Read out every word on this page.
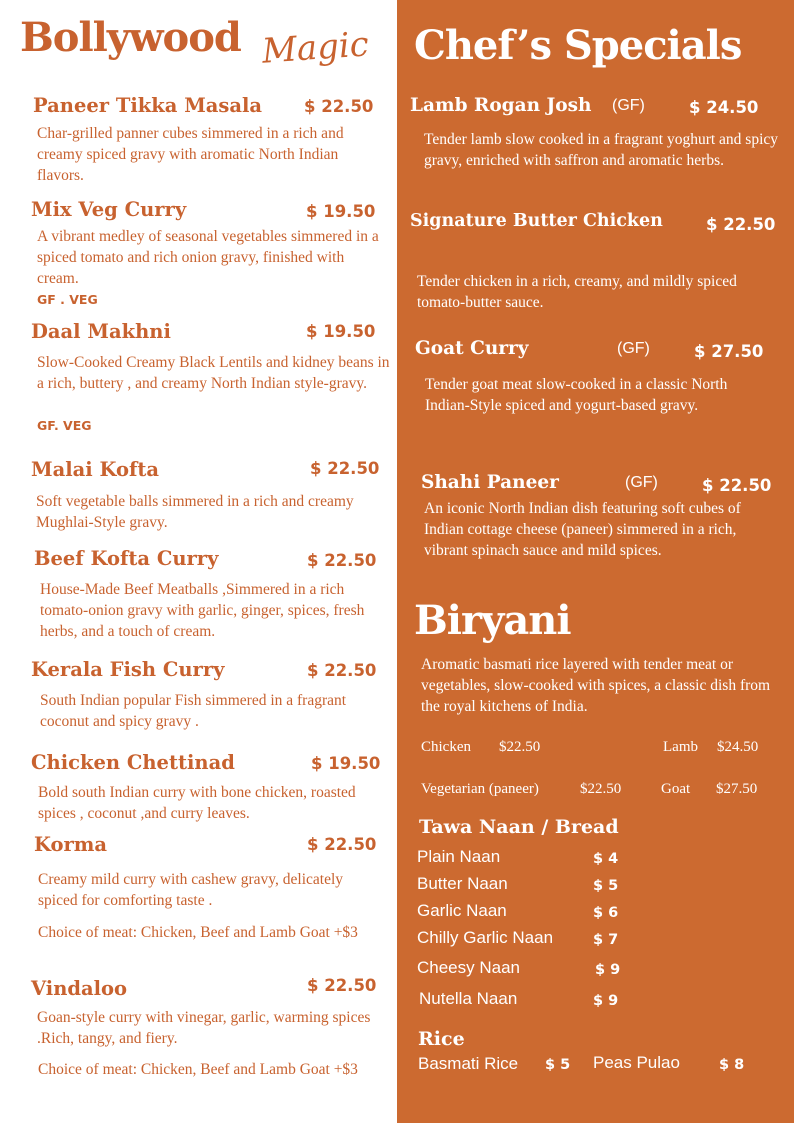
Bollywood Magic
Paneer Tikka Masala	$ 22.50
Char-grilled panner cubes simmered in a rich and creamy spiced gravy with aromatic North Indian flavors.
Mix Veg Curry	$ 19.50
A vibrant medley of seasonal vegetables simmered in a spiced tomato and rich onion gravy, finished with cream.
GF . VEG
Daal Makhni	$ 19.50
Slow-Cooked Creamy Black Lentils and kidney beans in a rich, buttery , and creamy North Indian style-gravy.
GF. VEG
Malai Kofta	$ 22.50
Soft vegetable balls simmered in a rich and creamy Mughlai-Style gravy.
Beef Kofta Curry	$ 22.50
House-Made Beef Meatballs ,Simmered in a rich tomato-onion gravy with garlic, ginger, spices, fresh herbs, and a touch of cream.
Kerala Fish Curry	$ 22.50
South Indian popular Fish simmered in a fragrant coconut and spicy gravy .
Chicken Chettinad	$ 19.50
Bold south Indian curry with bone chicken, roasted spices , coconut ,and curry leaves.
Korma	$ 22.50
Creamy mild curry with cashew gravy, delicately spiced for comforting taste .
Choice of meat: Chicken, Beef and Lamb Goat +$3
Vindaloo	$ 22.50
Goan-style curry with vinegar, garlic, warming spices .Rich, tangy, and fiery.
Choice of meat: Chicken, Beef and Lamb Goat +$3
Chef’s Specials
Lamb Rogan Josh (GF)	$ 24.50
Tender lamb slow cooked in a fragrant yoghurt and spicy gravy, enriched with saffron and aromatic herbs.
Signature Butter Chicken	$ 22.50
Tender chicken in a rich, creamy, and mildly spiced tomato-butter sauce.
Goat Curry	(GF)	$ 27.50
Tender goat meat slow-cooked in a classic North Indian-Style spiced and yogurt-based gravy.
Shahi Paneer	(GF)	$ 22.50
An iconic North Indian dish featuring soft cubes of Indian cottage cheese (paneer) simmered in a rich, vibrant spinach sauce and mild spices.
Biryani
Aromatic basmati rice layered with tender meat or vegetables, slow-cooked with spices, a classic dish from the royal kitchens of India.
Chicken $22.50	Lamb $24.50
Vegetarian (paneer)	$22.50	Goat $27.50
Tawa Naan / Bread
Plain Naan	$ 4
Butter Naan	$ 5
Garlic Naan	$ 6
Chilly Garlic Naan	$ 7
Cheesy Naan	$ 9
Nutella Naan	$ 9
Rice
Basmati Rice $ 5 Peas Pulao	$ 8
